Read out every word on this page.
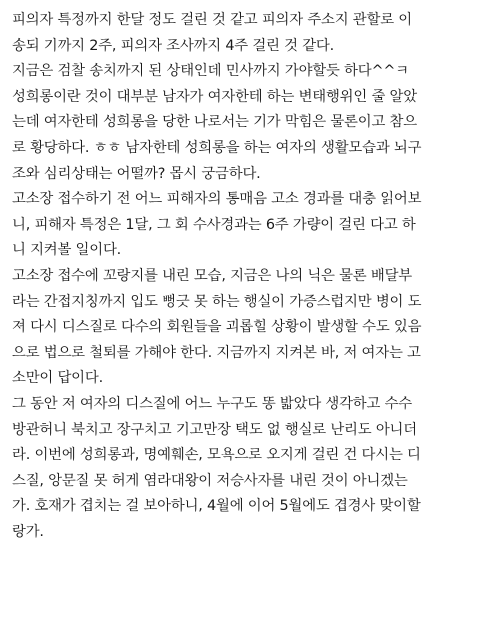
피의자 특정까지 한달 정도 걸린 것 같고 피의자 주소지 관할로 이
송되 기까지 2주, 피의자 조사까지 4주 걸린 것 같다.
지금은 검찰 송치까지 된 상태인데 민사까지 가야할듯 하다^^ㅋ
성희롱이란 것이 대부분 남자가 여자한테 하는 변태행위인 줄 알았
는데 여자한테 성희롱을 당한 나로서는 기가 막힘은 물론이고 참으
로 황당하다. ㅎㅎ 남자한테 성희롱을 하는 여자의 생활모습과 뇌구
조와 심리상태는 어떨까? 몹시 궁금하다.
고소장 접수하기 전 어느 피해자의 통매음 고소 경과를 대충 읽어보
니, 피해자 특정은 1달, 그 회 수사경과는 6주 가량이 걸린 다고 하
니 지켜볼 일이다.
고소장 접수에 꼬랑지를 내린 모습, 지금은 나의 닉은 물론 배달부
라는 간접지칭까지 입도 뻥긋 못 하는 행실이 가증스럽지만 병이 도
져 다시 디스질로 다수의 회원들을 괴롭힐 상황이 발생할 수도 있음
으로 법으로 철퇴를 가해야 한다. 지금까지 지켜본 바, 저 여자는 고
소만이 답이다.
그 동안 저 여자의 디스질에 어느 누구도 똥 밟았다 생각하고 수수
방관허니 북치고 장구치고 기고만장 택도 없 행실로 난리도 아니더
라. 이번에 성희롱과, 명예훼손, 모욕으로 오지게 걸린 건 다시는 디
스질, 앙문질 못 허게 염라대왕이 저승사자를 내린 것이 아니겠는
가. 호재가 겹치는 걸 보아하니, 4월에 이어 5월에도 겹경사 맞이할
랑가.
